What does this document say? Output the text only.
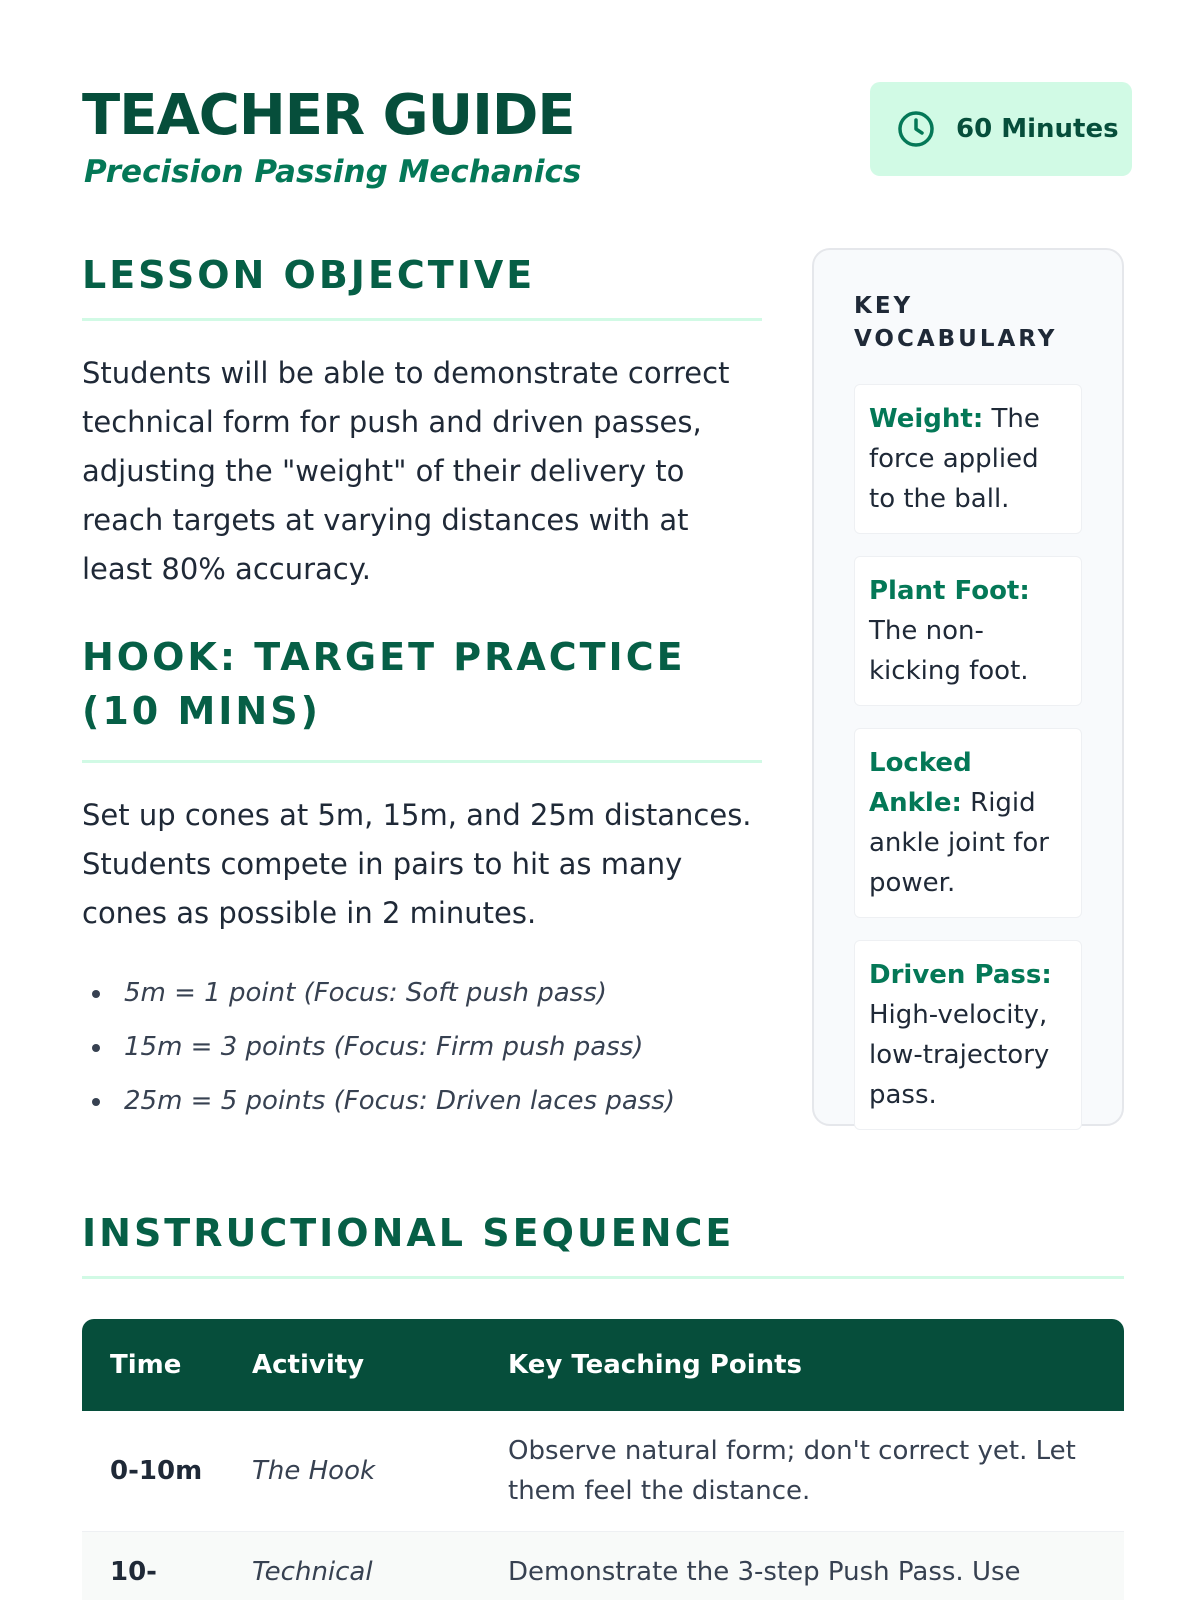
TEACHER GUIDE
Precision Passing Mechanics
60 Minutes
LESSON OBJECTIVE

Students will be able to demonstrate correct technical form for push and driven passes, adjusting the "weight" of their delivery to reach targets at varying distances with at least 80% accuracy.

HOOK: TARGET PRACTICE (10 MINS)

Set up cones at 5m, 15m, and 25m distances. Students compete in pairs to hit as many cones as possible in 2 minutes.

5m = 1 point (Focus: Soft push pass)
15m = 3 points (Focus: Firm push pass)
25m = 5 points (Focus: Driven laces pass)
KEY VOCABULARY
Weight: The force applied to the ball.
Plant Foot: The non-kicking foot.
Locked Ankle: Rigid ankle joint for power.
Driven Pass: High-velocity, low-trajectory pass.
INSTRUCTIONAL SEQUENCE
Time	Activity	Key Teaching Points
0-10m	The Hook	Observe natural form; don't correct yet. Let them feel the distance.
10-	Technical	Demonstrate the 3-step Push Pass. Use
